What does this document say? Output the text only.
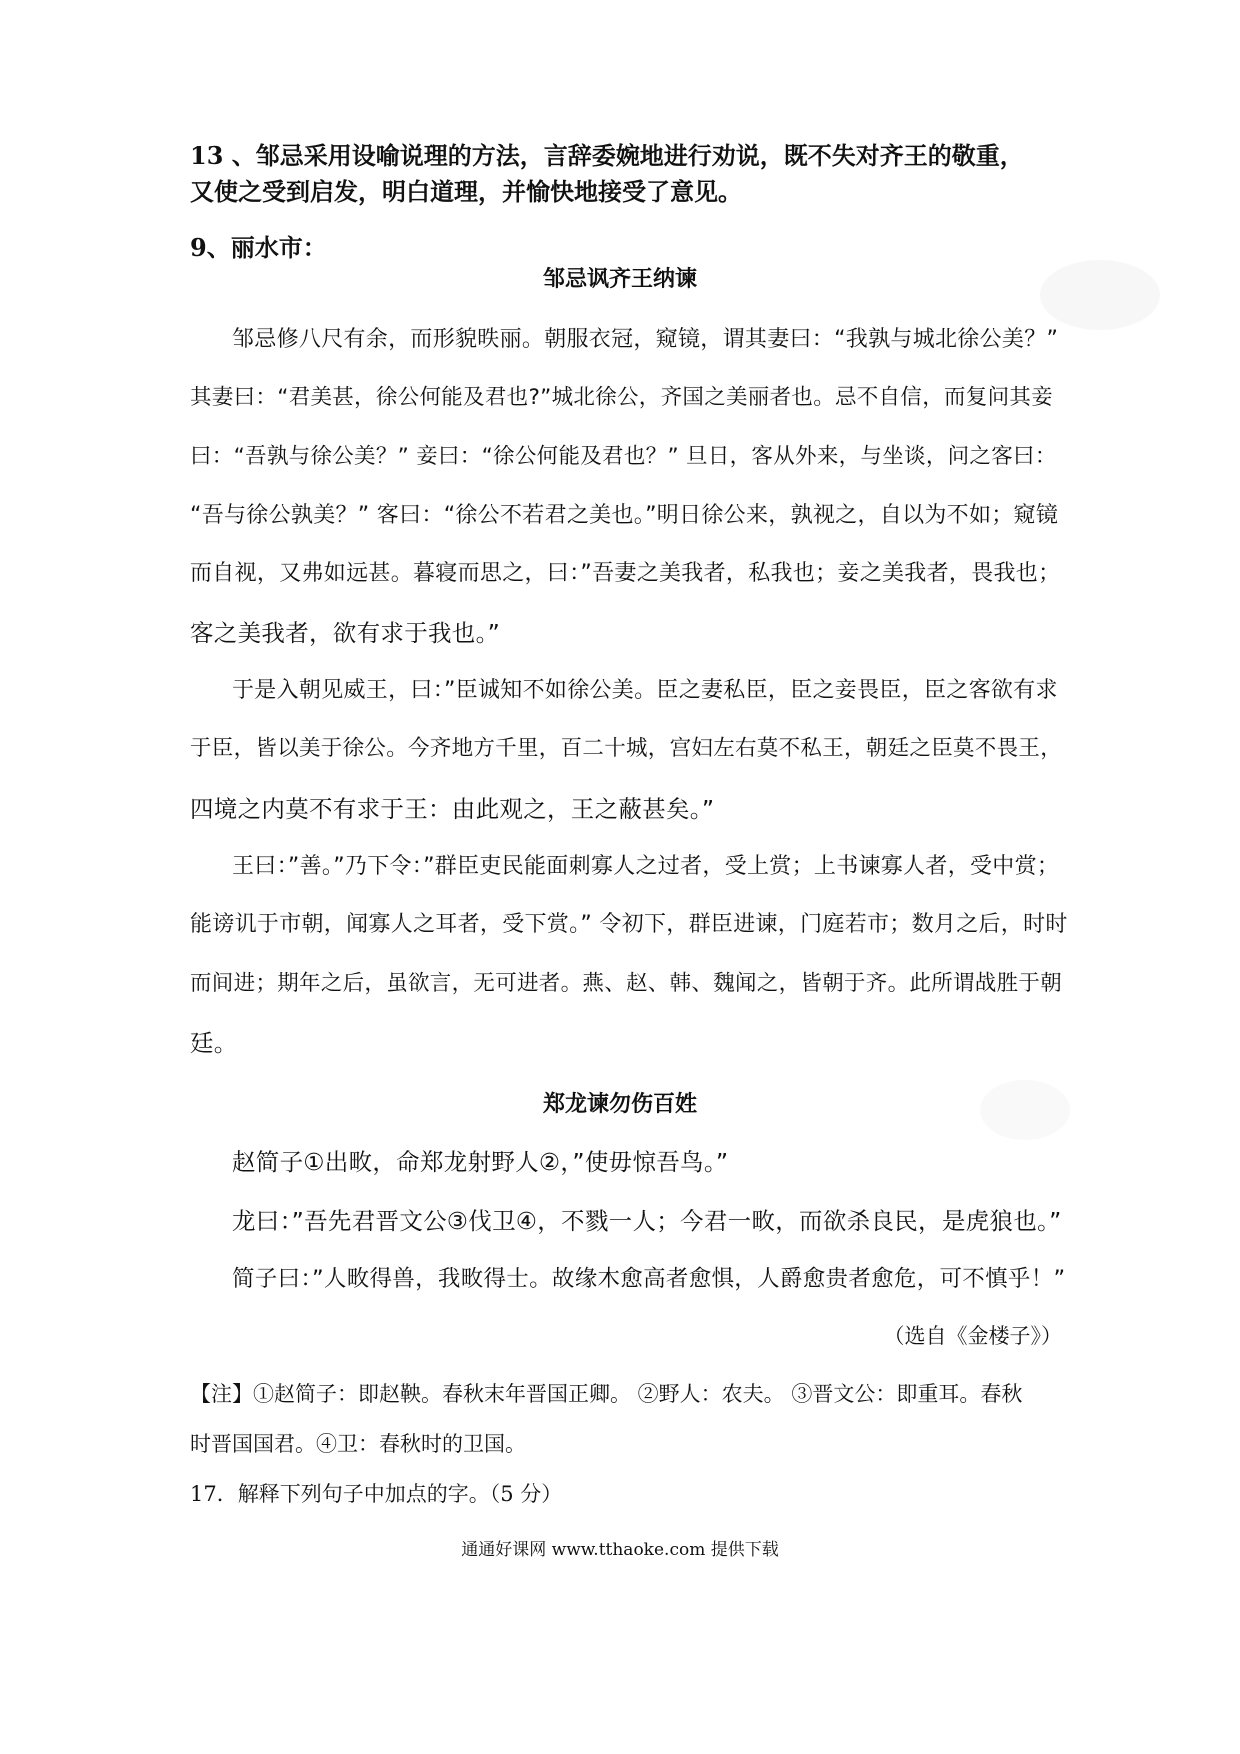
13 、邹忌采用设喻说理的方法，言辞委婉地进行劝说，既不失对齐王的敬重，
又使之受到启发，明白道理，并愉快地接受了意见。
9、丽水市：
邹忌讽齐王纳谏
邹忌修八尺有余，而形貌昳丽。朝服衣冠，窥镜，谓其妻曰：“我孰与城北徐公美？”
其妻曰：“君美甚，徐公何能及君也?”城北徐公，齐国之美丽者也。忌不自信，而复问其妾
曰：“吾孰与徐公美？” 妾曰：“徐公何能及君也？” 旦日，客从外来，与坐谈，问之客曰：
“吾与徐公孰美？” 客曰：“徐公不若君之美也。”明日徐公来，孰视之，自以为不如；窥镜
而自视，又弗如远甚。暮寝而思之，曰：”吾妻之美我者，私我也；妾之美我者，畏我也；
客之美我者，欲有求于我也。”
于是入朝见威王，曰：”臣诚知不如徐公美。臣之妻私臣，臣之妾畏臣，臣之客欲有求
于臣，皆以美于徐公。今齐地方千里，百二十城，宫妇左右莫不私王，朝廷之臣莫不畏王，
四境之内莫不有求于王：由此观之，王之蔽甚矣。”
王曰：”善。”乃下令：”群臣吏民能面刺寡人之过者，受上赏；上书谏寡人者，受中赏；
能谤讥于市朝，闻寡人之耳者，受下赏。” 令初下，群臣进谏，门庭若市；数月之后，时时
而间进；期年之后，虽欲言，无可进者。燕、赵、韩、魏闻之，皆朝于齐。此所谓战胜于朝
廷。
郑龙谏勿伤百姓
赵简子①出畋，命郑龙射野人②，”使毋惊吾鸟。”
龙曰：”吾先君晋文公③伐卫④，不戮一人；今君一畋，而欲杀良民，是虎狼也。”
简子曰：”人畋得兽，我畋得士。故缘木愈高者愈惧，人爵愈贵者愈危，可不慎乎！”
（选自《金楼子》）
【注】①赵简子：即赵鞅。春秋末年晋国正卿。 ②野人：农夫。 ③晋文公：即重耳。春秋
时晋国国君。④卫：春秋时的卫国。
17．解释下列句子中加点的字。（5 分）
通通好课网 www.tthaoke.com 提供下载
